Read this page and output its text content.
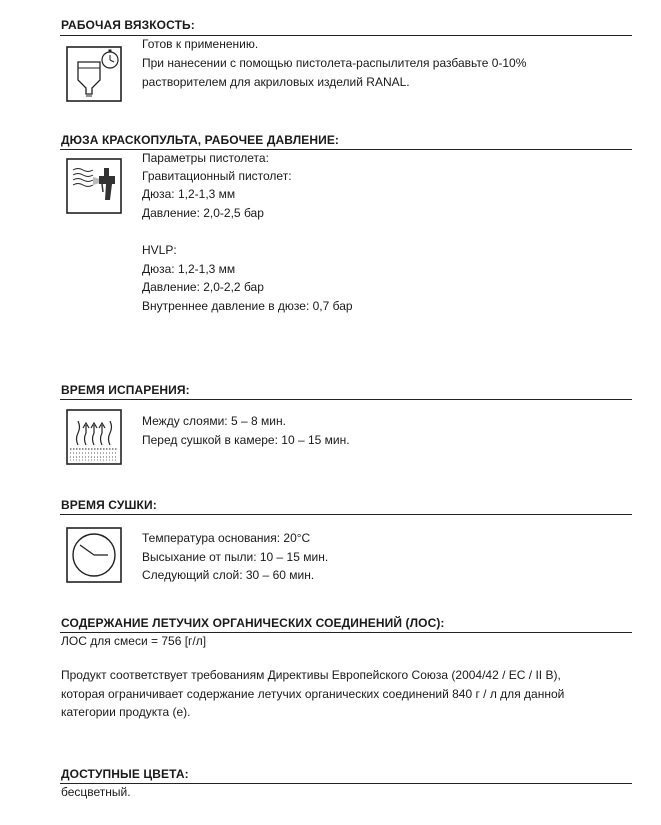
РАБОЧАЯ ВЯЗКОСТЬ:
Готов к применению.
При нанесении с помощью пистолета-распылителя разбавьте 0-10%
растворителем для акриловых изделий RANAL.
ДЮЗА КРАСКОПУЛЬТА, РАБОЧЕЕ ДАВЛЕНИЕ:
Параметры пистолета:
Гравитационный пистолет:
Дюза: 1,2-1,3 мм
Давление: 2,0-2,5 бар
HVLP:
Дюза: 1,2-1,3 мм
Давление: 2,0-2,2 бар
Внутреннее давление в дюзе: 0,7 бар
ВРЕМЯ ИСПАРЕНИЯ:
Между слоями: 5 – 8 мин.
Перед сушкой в камере: 10 – 15 мин.
ВРЕМЯ СУШКИ:
Температура основания: 20°C
Высыхание от пыли: 10 – 15 мин.
Следующий слой: 30 – 60 мин.
СОДЕРЖАНИЕ ЛЕТУЧИХ ОРГАНИЧЕСКИХ СОЕДИНЕНИЙ (ЛОС):
ЛОС для смеси = 756 [г/л]
Продукт соответствует требованиям Директивы Европейского Союза (2004/42 / EC / II B),
которая ограничивает содержание летучих органических соединений 840 г / л для данной
категории продукта (e).
ДОСТУПНЫЕ ЦВЕТА:
бесцветный.
